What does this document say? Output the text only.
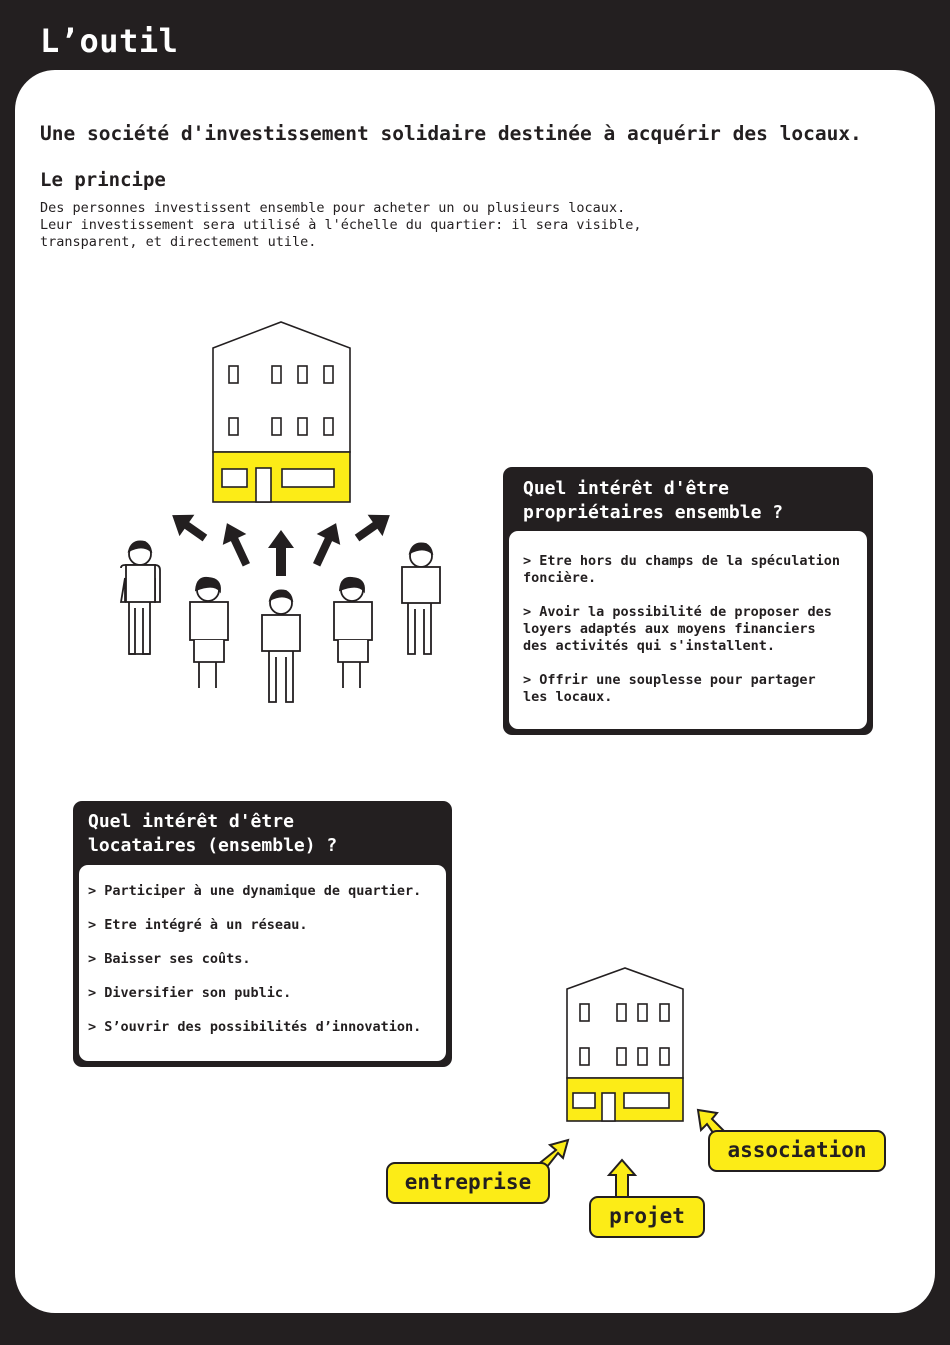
L’outil
Une société d'investissement solidaire destinée à acquérir des locaux.
Le principe

Des personnes investissent ensemble pour acheter un ou plusieurs locaux.
Leur investissement sera utilisé à l'échelle du quartier: il sera visible,
transparent, et directement utile.

Quel intérêt d'être
propriétaires ensemble ?

> Etre hors du champs de la spéculation
foncière.

> Avoir la possibilité de proposer des
loyers adaptés aux moyens financiers
des activités qui s'installent.

> Offrir une souplesse pour partager
les locaux.

Quel intérêt d'être
locataires (ensemble) ?

> Participer à une dynamique de quartier.

> Etre intégré à un réseau.

> Baisser ses coûts.

> Diversifier son public.

> S’ouvrir des possibilités d’innovation.

entreprise
projet
association
